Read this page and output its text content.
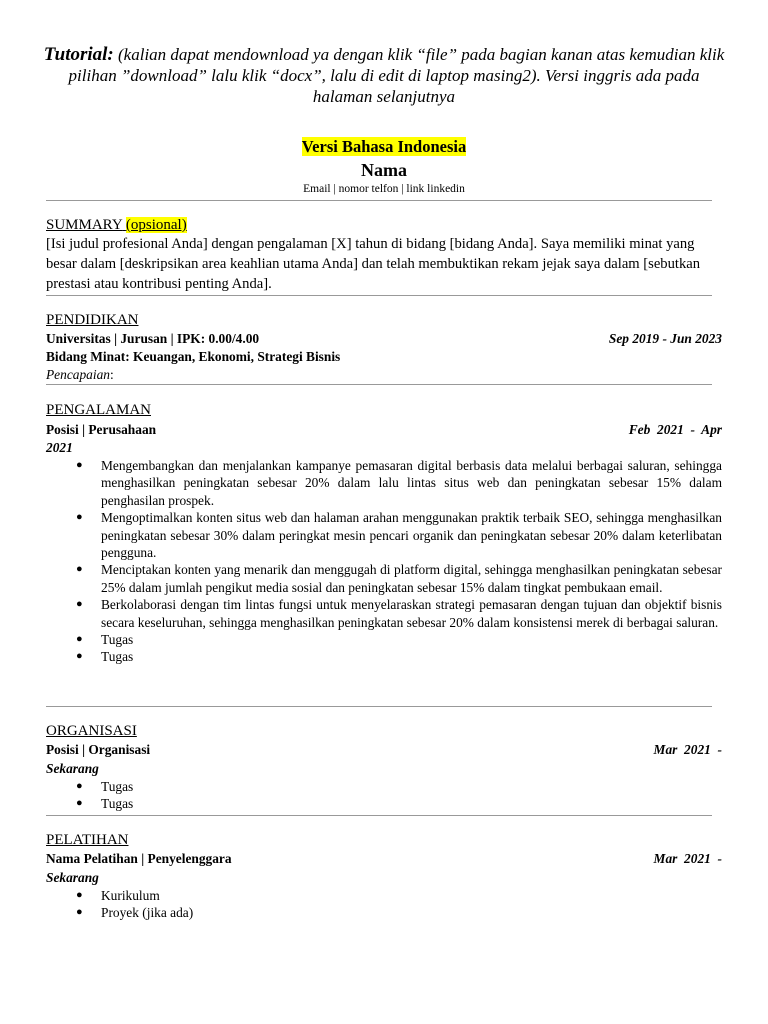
Tutorial: (kalian dapat mendownload ya dengan klik “file” pada bagian kanan atas kemudian klik pilihan ”download” lalu klik “docx”, lalu di edit di laptop masing2). Versi inggris ada pada halaman selanjutnya
Versi Bahasa Indonesia
Nama
Email | nomor telfon | link linkedin
SUMMARY (opsional)
[Isi judul profesional Anda] dengan pengalaman [X] tahun di bidang [bidang Anda]. Saya memiliki minat yang besar dalam [deskripsikan area keahlian utama Anda] dan telah membuktikan rekam jejak saya dalam [sebutkan prestasi atau kontribusi penting Anda].
PENDIDIKAN
Universitas | Jurusan | IPK: 0.00/4.00	Sep 2019 - Jun 2023
Bidang Minat: Keuangan, Ekonomi, Strategi Bisnis
Pencapaian:
PENGALAMAN
Posisi | Perusahaan	Feb  2021  -  Apr
2021
● Mengembangkan dan menjalankan kampanye pemasaran digital berbasis data melalui berbagai saluran, sehingga menghasilkan peningkatan sebesar 20% dalam lalu lintas situs web dan peningkatan sebesar 15% dalam penghasilan prospek.
● Mengoptimalkan konten situs web dan halaman arahan menggunakan praktik terbaik SEO, sehingga menghasilkan peningkatan sebesar 30% dalam peringkat mesin pencari organik dan peningkatan sebesar 20% dalam keterlibatan pengguna.
● Menciptakan konten yang menarik dan menggugah di platform digital, sehingga menghasilkan peningkatan sebesar 25% dalam jumlah pengikut media sosial dan peningkatan sebesar 15% dalam tingkat pembukaan email.
● Berkolaborasi dengan tim lintas fungsi untuk menyelaraskan strategi pemasaran dengan tujuan dan objektif bisnis secara keseluruhan, sehingga menghasilkan peningkatan sebesar 20% dalam konsistensi merek di berbagai saluran.
● Tugas
● Tugas
ORGANISASI
Posisi | Organisasi	Mar  2021  -
Sekarang
● Tugas
● Tugas
PELATIHAN
Nama Pelatihan | Penyelenggara	Mar  2021  -
Sekarang
● Kurikulum
● Proyek (jika ada)
